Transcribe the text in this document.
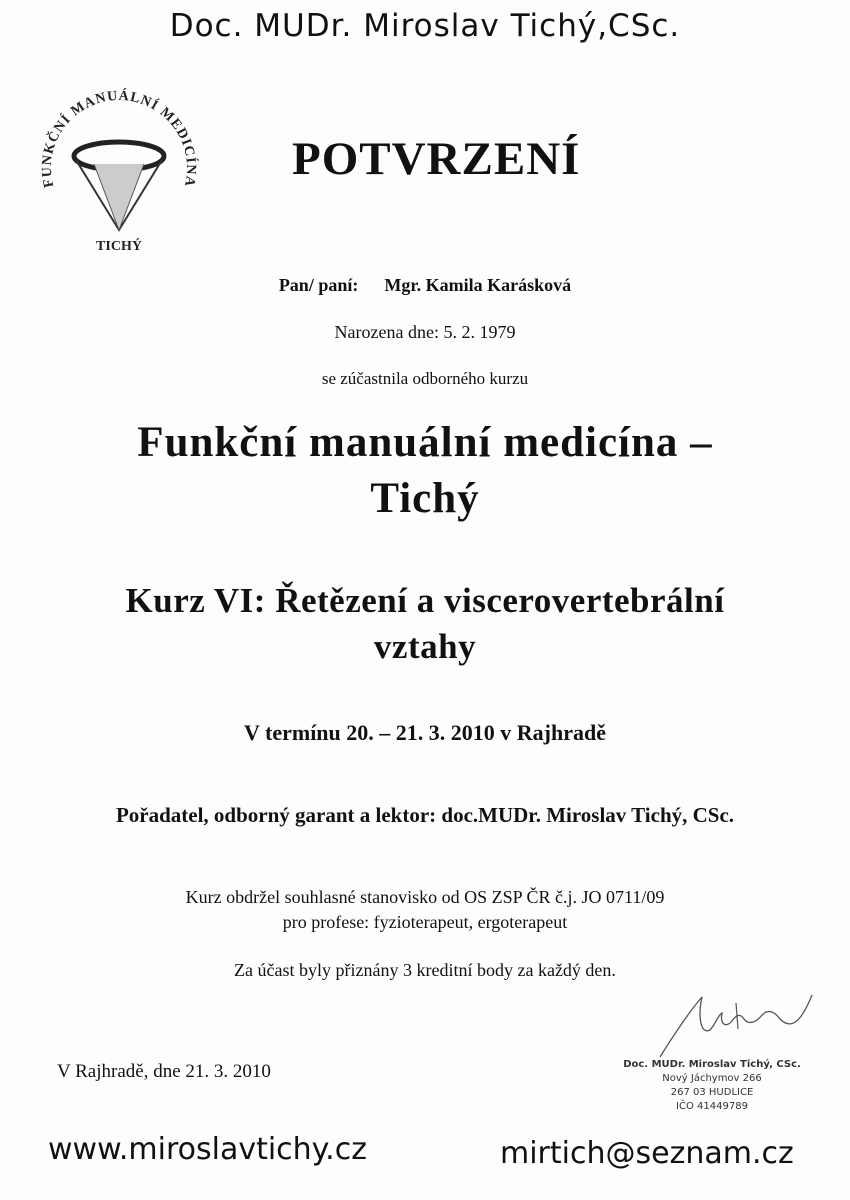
Doc. MUDr. Miroslav Tichý,CSc.
FUNKČNÍ MANUÁLNÍ MEDICÍNA
TICHÝ
POTVRZENÍ
Pan/ paní: Mgr. Kamila Karásková
Narozena dne: 5. 2. 1979
se zúčastnila odborného kurzu
Funkční manuální medicína –
Tichý
Kurz VI: Řetězení a viscerovertebrální
vztahy
V termínu 20. – 21. 3. 2010 v Rajhradě
Pořadatel, odborný garant a lektor: doc.MUDr. Miroslav Tichý, CSc.
Kurz obdržel souhlasné stanovisko od OS ZSP ČR č.j. JO 0711/09
pro profese: fyzioterapeut, ergoterapeut
Za účast byly přiznány 3 kreditní body za každý den.
V Rajhradě, dne 21. 3. 2010	Doc. MUDr. Miroslav Tichý, CSc.
Nový Jáchymov 266
267 03 HUDLICE
IČO 41449789
www.miroslavtichy.cz	mirtich@seznam.cz
